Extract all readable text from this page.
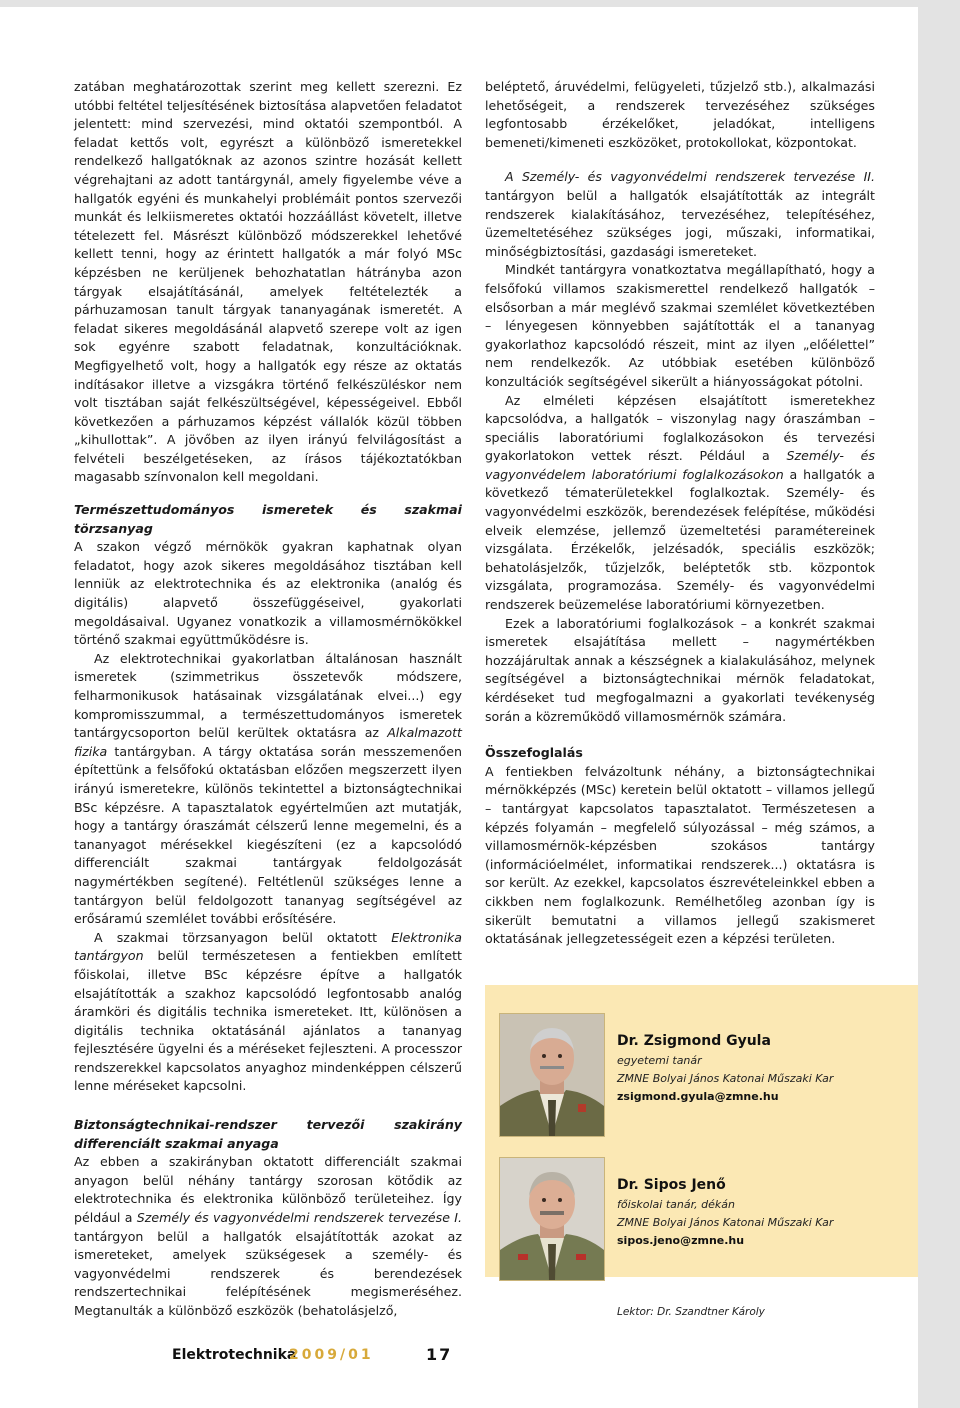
zatában meghatározottak szerint meg kellett szerezni. Ez utóbbi feltétel teljesítésének biztosítása alapvetően feladatot jelentett: mind szervezési, mind oktatói szempontból. A feladat kettős volt, egyrészt a különböző ismeretekkel rendelkező hallgatóknak az azonos szintre hozását kellett végrehajtani az adott tantárgynál, amely figyelembe véve a hallgatók egyéni és munkahelyi problémáit pontos szervezői munkát és lelkiismeretes oktatói hozzáállást követelt, illetve tételezett fel. Másrészt különböző módszerekkel lehetővé kellett tenni, hogy az érintett hallgatók a már folyó MSc képzésben ne kerüljenek behozhatatlan hátrányba azon tárgyak elsajátításánál, amelyek feltételezték a párhuzamosan tanult tárgyak tananyagának ismeretét. A feladat sikeres megoldásánál alapvető szerepe volt az igen sok egyénre szabott feladatnak, konzultációknak. Megfigyelhető volt, hogy a hallgatók egy része az oktatás indításakor illetve a vizsgákra történő felkészüléskor nem volt tisztában saját felkészültségével, képességeivel. Ebből következően a párhuzamos képzést vállalók közül többen „kihullottak”. A jövőben az ilyen irányú felvilágosítást a felvételi beszélgetéseken, az írásos tájékoztatókban magasabb színvonalon kell megoldani.

Természettudományos ismeretek és szakmai törzsanyag

A szakon végző mérnökök gyakran kaphatnak olyan feladatot, hogy azok sikeres megoldásához tisztában kell lenniük az elektrotechnika és az elektronika (analóg és digitális) alapvető összefüggéseivel, gyakorlati megoldásaival. Ugyanez vonatkozik a villamosmérnökökkel történő szakmai együttműködésre is.

Az elektrotechnikai gyakorlatban általánosan használt ismeretek (szimmetrikus összetevők módszere, felharmonikusok hatásainak vizsgálatának elvei...) egy kompromisszummal, a természettudományos ismeretek tantárgycsoporton belül kerültek oktatásra az Alkalmazott fizika tantárgyban. A tárgy oktatása során messzemenően építettünk a felsőfokú oktatásban előzően megszerzett ilyen irányú ismeretekre, különös tekintettel a biztonságtechnikai BSc képzésre. A tapasztalatok egyértelműen azt mutatják, hogy a tantárgy óraszámát célszerű lenne megemelni, és a tananyagot mérésekkel kiegészíteni (ez a kapcsolódó differenciált szakmai tantárgyak feldolgozását nagymértékben segítené). Feltétlenül szükséges lenne a tantárgyon belül feldolgozott tananyag segítségével az erősáramú szemlélet további erősítésére.

A szakmai törzsanyagon belül oktatott Elektronika tantárgyon belül természetesen a fentiekben említett főiskolai, illetve BSc képzésre építve a hallgatók elsajátították a szakhoz kapcsolódó legfontosabb analóg áramköri és digitális technika ismereteket. Itt, különösen a digitális technika oktatásánál ajánlatos a tananyag fejlesztésére ügyelni és a méréseket fejleszteni. A processzor rendszerekkel kapcsolatos anyaghoz mindenképpen célszerű lenne méréseket kapcsolni.

Biztonságtechnikai-rendszer tervezői szakirány differenciált szakmai anyaga

Az ebben a szakirányban oktatott differenciált szakmai anyagon belül néhány tantárgy szorosan kötődik az elektrotechnika és elektronika különböző területeihez. Így például a Személy és vagyonvédelmi rendszerek tervezése I. tantárgyon belül a hallgatók elsajátították azokat az ismereteket, amelyek szükségesek a személy- és vagyonvédelmi rendszerek és berendezések rendszertechnikai felépítésének megismeréséhez. Megtanulták a különböző eszközök (behatolásjelző,

beléptető, áruvédelmi, felügyeleti, tűzjelző stb.), alkalmazási lehetőségeit, a rendszerek tervezéséhez szükséges legfontosabb érzékelőket, jeladókat, intelligens bemeneti/kimeneti eszközöket, protokollokat, központokat.

A Személy- és vagyonvédelmi rendszerek tervezése II. tantárgyon belül a hallgatók elsajátították az integrált rendszerek kialakításához, tervezéséhez, telepítéséhez, üzemeltetéséhez szükséges jogi, műszaki, informatikai, minőségbiztosítási, gazdasági ismereteket.

Mindkét tantárgyra vonatkoztatva megállapítható, hogy a felsőfokú villamos szakismerettel rendelkező hallgatók – elsősorban a már meglévő szakmai szemlélet következtében – lényegesen könnyebben sajátították el a tananyag gyakorlathoz kapcsolódó részeit, mint az ilyen „előélettel” nem rendelkezők. Az utóbbiak esetében különböző konzultációk segítségével sikerült a hiányosságokat pótolni.

Az elméleti képzésen elsajátított ismeretekhez kapcsolódva, a hallgatók – viszonylag nagy óraszámban – speciális laboratóriumi foglalkozásokon és tervezési gyakorlatokon vettek részt. Például a Személy- és vagyonvédelem laboratóriumi foglalkozásokon a hallgatók a következő tématerületekkel foglalkoztak. Személy- és vagyonvédelmi eszközök, berendezések felépítése, működési elveik elemzése, jellemző üzemeltetési paramétereinek vizsgálata. Érzékelők, jelzésadók, speciális eszközök; behatolásjelzők, tűzjelzők, beléptetők stb. központok vizsgálata, programozása. Személy- és vagyonvédelmi rendszerek beüzemelése laboratóriumi környezetben.

Ezek a laboratóriumi foglalkozások – a konkrét szakmai ismeretek elsajátítása mellett – nagymértékben hozzájárultak annak a készségnek a kialakulásához, melynek segítségével a biztonságtechnikai mérnök feladatokat, kérdéseket tud megfogalmazni a gyakorlati tevékenység során a közreműködő villamosmérnök számára.

Összefoglalás

A fentiekben felvázoltunk néhány, a biztonságtechnikai mérnökképzés (MSc) keretein belül oktatott – villamos jellegű – tantárgyat kapcsolatos tapasztalatot. Természetesen a képzés folyamán – megfelelő súlyozással – még számos, a villamosmérnök-képzésben szokásos tantárgy (információelmélet, informatikai rendszerek...) oktatásra is sor került. Az ezekkel, kapcsolatos észrevételeinkkel ebben a cikkben nem foglalkozunk. Remélhetőleg azonban így is sikerült bemutatni a villamos jellegű szakismeret oktatásának jellegzetességeit ezen a képzési területen.

Dr. Zsigmond Gyula
egyetemi tanár
ZMNE Bolyai János Katonai Műszaki Kar
zsigmond.gyula@zmne.hu
Dr. Sipos Jenő
főiskolai tanár, dékán
ZMNE Bolyai János Katonai Műszaki Kar
sipos.jeno@zmne.hu
Lektor: Dr. Szandtner Károly
Elektrotechnika
2009/01	17
